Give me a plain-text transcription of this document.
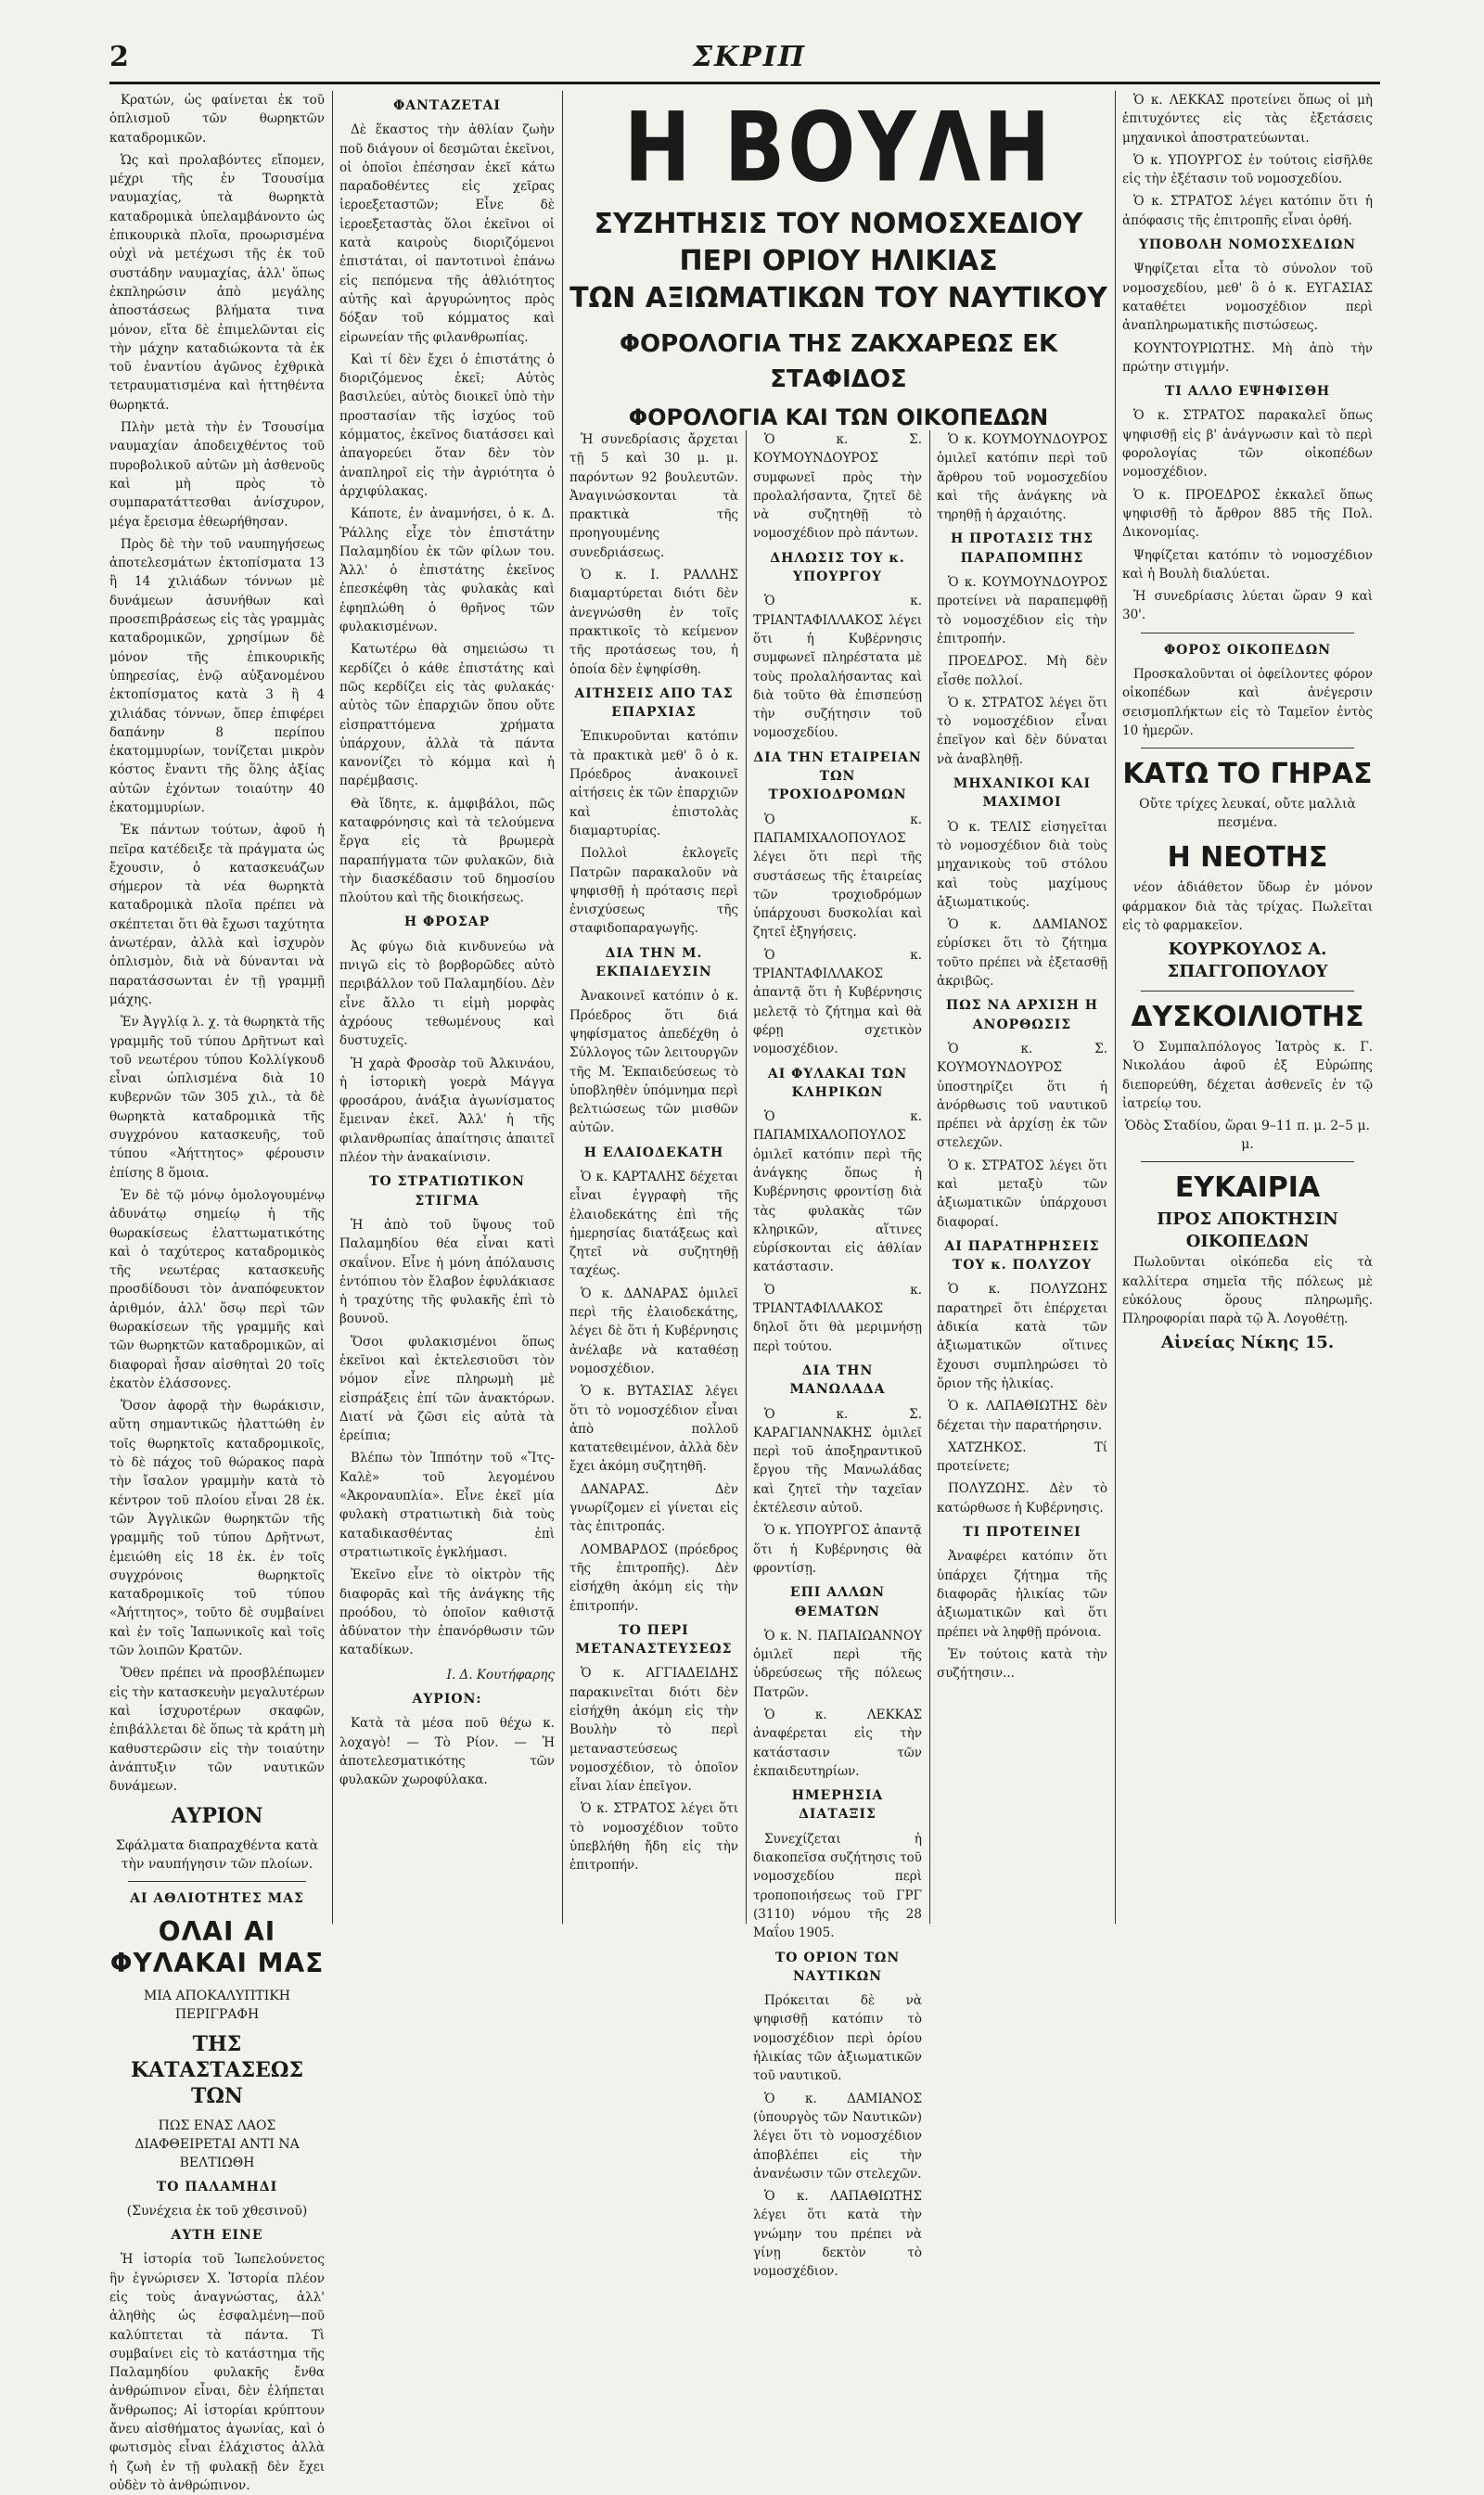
2	ΣΚΡΙΠ

Κρατών, ὡς φαίνεται ἐκ τοῦ ὁπλισμοῦ τῶν θωρηκτῶν καταδρομικῶν.

Ὡς καὶ προλαβόντες εἴπομεν, μέχρι τῆς ἐν Τσουσίμα ναυμαχίας, τὰ θωρηκτὰ καταδρομικὰ ὑπελαμβάνοντο ὡς ἐπικουρικὰ πλοῖα, προωρισμένα οὐχὶ νὰ μετέχωσι τῆς ἐκ τοῦ συστάδην ναυμαχίας, ἀλλ' ὅπως ἐκπληρώσιν ἀπὸ μεγάλης ἀποστάσεως βλήματα τινα μόνον, εἴτα δὲ ἐπιμελῶνται εἰς τὴν μάχην καταδιώκοντα τὰ ἐκ τοῦ ἐναντίου ἀγῶνος ἐχθρικὰ τετραυματισμένα καὶ ἡττηθέντα θωρηκτά.

Πλὴν μετὰ τὴν ἐν Τσουσίμα ναυμαχίαν ἀποδειχθέντος τοῦ πυροβολικοῦ αὐτῶν μὴ ἀσθενοῦς καὶ μὴ πρὸς τὸ συμπαρατάττεσθαι ἀνίσχυρον, μέγα ἔρεισμα ἐθεωρήθησαν.

Πρὸς δὲ τὴν τοῦ ναυπηγήσεως ἀποτελεσμάτων ἐκτοπίσματα 13 ἢ 14 χιλιάδων τόννων μὲ δυνάμεων ἀσυνήθων καὶ προσεπιβράσεως εἰς τὰς γραμμὰς καταδρομικῶν, χρησίμων δὲ μόνον τῆς ἐπικουρικῆς ὑπηρεσίας, ἐνῷ αὐξανομένου ἐκτοπίσματος κατὰ 3 ἢ 4 χιλιάδας τόννων, ὅπερ ἐπιφέρει δαπάνην 8 περίπου ἑκατομμυρίων, τονίζεται μικρὸν κόστος ἔναντι τῆς ὅλης ἀξίας αὐτῶν ἐχόντων τοιαύτην 40 ἑκατομμυρίων.

Ἐκ πάντων τούτων, ἀφοῦ ἡ πεῖρα κατέδειξε τὰ πράγματα ὡς ἔχουσιν, ὁ κατασκευάζων σήμερον τὰ νέα θωρηκτὰ καταδρομικὰ πλοῖα πρέπει νὰ σκέπτεται ὅτι θὰ ἔχωσι ταχύτητα ἀνωτέραν, ἀλλὰ καὶ ἰσχυρὸν ὁπλισμὸν, διὰ νὰ δύνανται νὰ παρατάσσωνται ἐν τῇ γραμμῇ μάχης.

Ἐν Ἀγγλίᾳ λ. χ. τὰ θωρηκτὰ τῆς γραμμῆς τοῦ τύπου Δρῆτνωτ καὶ τοῦ νεωτέρου τύπου Κολλίγκουδ εἶναι ὡπλισμένα διὰ 10 κυβερνῶν τῶν 305 χιλ., τὰ δὲ θωρηκτὰ καταδρομικὰ τῆς συγχρόνου κατασκευῆς, τοῦ τύπου «Ἀήττητος» φέρουσιν ἐπίσης 8 ὅμοια.

Ἐν δὲ τῷ μόνῳ ὁμολογουμένῳ ἀδυνάτῳ σημείῳ ἡ τῆς θωρακίσεως ἐλαττωματικότης καὶ ὁ ταχύτερος καταδρομικὸς τῆς νεωτέρας κατασκευῆς προσδίδουσι τὸν ἀναπόφευκτον ἀριθμόν, ἀλλ' ὅσῳ περὶ τῶν θωρακίσεων τῆς γραμμῆς καὶ τῶν θωρηκτῶν καταδρομικῶν, αἱ διαφοραὶ ἦσαν αἰσθηταὶ 20 τοῖς ἑκατὸν ἐλάσσονες.

Ὅσον ἀφορᾷ τὴν θωράκισιν, αὕτη σημαντικῶς ἠλαττώθη ἐν τοῖς θωρηκτοῖς καταδρομικοῖς, τὸ δὲ πάχος τοῦ θώρακος παρὰ τὴν ἴσαλον γραμμὴν κατὰ τὸ κέντρον τοῦ πλοίου εἶναι 28 ἑκ. τῶν Ἀγγλικῶν θωρηκτῶν τῆς γραμμῆς τοῦ τύπου Δρῆτνωτ, ἐμειώθη εἰς 18 ἑκ. ἐν τοῖς συγχρόνοις θωρηκτοῖς καταδρομικοῖς τοῦ τύπου «Ἀήττητος», τοῦτο δὲ συμβαίνει καὶ ἐν τοῖς Ἰαπωνικοῖς καὶ τοῖς τῶν λοιπῶν Κρατῶν.

Ὅθεν πρέπει νὰ προσβλέπωμεν εἰς τὴν κατασκευὴν μεγαλυτέρων καὶ ἰσχυροτέρων σκαφῶν, ἐπιβάλλεται δὲ ὅπως τὰ κράτη μὴ καθυστερῶσιν εἰς τὴν τοιαύτην ἀνάπτυξιν τῶν ναυτικῶν δυνάμεων.

ΑΥΡΙΟΝ
Σφάλματα διαπραχθέντα κατὰ τὴν ναυπήγησιν τῶν πλοίων.
ΑΙ ΑΘΛΙΟΤΗΤΕΣ ΜΑΣ
ΟΛΑΙ ΑΙ ΦΥΛΑΚΑΙ ΜΑΣ
ΜΙΑ ΑΠΟΚΑΛΥΠΤΙΚΗ ΠΕΡΙΓΡΑΦΗ
ΤΗΣ ΚΑΤΑΣΤΑΣΕΩΣ ΤΩΝ
ΠΩΣ ΕΝΑΣ ΛΑΟΣ ΔΙΑΦΘΕΙΡΕΤΑΙ ΑΝΤΙ ΝΑ ΒΕΛΤΙΩΘΗ
ΤΟ ΠΑΛΑΜΗΔΙ
(Συνέχεια ἐκ τοῦ χθεσινοῦ)
ΑΥΤΗ ΕΙΝΕ

Ἡ ἱστορία τοῦ Ἰωπελούνετος ἣν ἐγνώρισεν Χ. Ἰστορία πλέον εἰς τοὺς ἀναγνώστας, ἀλλ' ἀληθὴς ὡς ἐσφαλμένη—ποῦ καλύπτεται τὰ πάντα. Τὶ συμβαίνει εἰς τὸ κατάστημα τῆς Παλαμηδίου φυλακῆς ἔνθα ἀνθρώπινον εἶναι, δὲν ἐλήπεται ἄνθρωπος; Αἱ ἱστορίαι κρύπτουν ἄνευ αἰσθήματος ἀγωνίας, καὶ ὁ φωτισμὸς εἶναι ἐλάχιστος ἀλλὰ ἡ ζωὴ ἐν τῇ φυλακῇ δὲν ἔχει οὐδὲν τὸ ἀνθρώπινον.

ΦΑΝΤΑΖΕΤΑΙ

Δὲ ἕκαστος τὴν ἀθλίαν ζωὴν ποῦ διάγουν οἱ δεσμῶται ἐκεῖνοι, οἱ ὁποῖοι ἐπέσησαν ἐκεῖ κάτω παραδοθέντες εἰς χεῖρας ἱεροεξεταστῶν; Εἶνε δὲ ἱεροεξεταστὰς ὅλοι ἐκεῖνοι οἱ κατὰ καιροὺς διοριζόμενοι ἐπιστάται, οἱ παντοτινοὶ ἐπάνω εἰς πεπόμενα τῆς ἀθλιότητος αὐτῆς καὶ ἀργυρώνητος πρὸς δόξαν τοῦ κόμματος καὶ εἰρωνείαν τῆς φιλανθρωπίας.

Καὶ τί δὲν ἔχει ὁ ἐπιστάτης ὁ διοριζόμενος ἐκεῖ; Αὐτὸς βασιλεύει, αὐτὸς διοικεῖ ὑπὸ τὴν προστασίαν τῆς ἰσχύος τοῦ κόμματος, ἐκεῖνος διατάσσει καὶ ἀπαγορεύει ὅταν δὲν τὸν ἀναπληροῖ εἰς τὴν ἀγριότητα ὁ ἀρχιφύλακας.

Κάποτε, ἐν ἀναμνήσει, ὁ κ. Δ. Ῥάλλης εἶχε τὸν ἐπιστάτην Παλαμηδίου ἐκ τῶν φίλων του. Ἀλλ' ὁ ἐπιστάτης ἐκεῖνος ἐπεσκέφθη τὰς φυλακὰς καὶ ἐφηπλώθη ὁ θρῆνος τῶν φυλακισμένων.

Κατωτέρω θὰ σημειώσω τι κερδίζει ὁ κάθε ἐπιστάτης καὶ πῶς κερδίζει εἰς τὰς φυλακάς· αὐτὸς τῶν ἐπαρχιῶν ὅπου οὔτε εἰσπραττόμενα χρήματα ὑπάρχουν, ἀλλὰ τὰ πάντα κανονίζει τὸ κόμμα καὶ ἡ παρέμβασις.

Θὰ ἴδητε, κ. ἀμφιβάλοι, πῶς καταφρόνησις καὶ τὰ τελούμενα ἔργα εἰς τὰ βρωμερὰ παραπήγματα τῶν φυλακῶν, διὰ τὴν διασκέδασιν τοῦ δημοσίου πλούτου καὶ τῆς διοικήσεως.

Η ΦΡΟΣΑΡ

Ἀς φύγω διὰ κινδυνεύω νὰ πνιγῶ εἰς τὸ βορβορῶδες αὐτὸ περιβάλλον τοῦ Παλαμηδίου. Δὲν εἶνε ἄλλο τι εἰμὴ μορφὰς ἀχρόους τεθωμένους καὶ δυστυχεῖς.

Ἡ χαρὰ Φροσὰρ τοῦ Ἀλκινάου, ἡ ἱστορικὴ γοερὰ Μάγγα φροσάρου, ἀνάξια ἀγωνίσματος ἔμειναν ἐκεῖ. Ἀλλ' ἡ τῆς φιλανθρωπίας ἀπαίτησις ἀπαιτεῖ πλέον τὴν ἀνακαίνισιν.

ΤΟ ΣΤΡΑΤΙΩΤΙΚΟΝ ΣΤΙΓΜΑ

Ἡ ἀπὸ τοῦ ὕψους τοῦ Παλαμηδίου θέα εἶναι κατὶ σκαΐνον. Εἶνε ἡ μόνη ἀπόλαυσις ἐντόπιου τὸν ἔλαβον ἐφυλάκιασε ἡ τραχύτης τῆς φυλακῆς ἐπὶ τὸ βουνοῦ.

Ὅσοι φυλακισμένοι ὅπως ἐκεῖνοι καὶ ἐκτελεσιοῦσι τὸν νόμον εἶνε πληρωμὴ μὲ εἰσπράξεις ἐπί τῶν ἀνακτόρων. Διατί νὰ ζῶσι εἰς αὐτὰ τὰ ἐρείπια;

Βλέπω τὸν Ἰππότην τοῦ «Ἴτς-Καλὲ» τοῦ λεγομένου «Ἀκροναυπλία». Εἶνε ἐκεῖ μία φυλακὴ στρατιωτικὴ διὰ τοὺς καταδικασθέντας ἐπὶ στρατιωτικοῖς ἐγκλήμασι.

Ἐκεῖνο εἶνε τὸ οἰκτρὸν τῆς διαφορᾶς καὶ τῆς ἀνάγκης τῆς προόδου, τὸ ὁποῖον καθιστᾷ ἀδύνατον τὴν ἐπανόρθωσιν τῶν καταδίκων.

Ι. Δ. Κουτήφαρης
ΑΥΡΙΟΝ:

Κατὰ τὰ μέσα ποῦ θέχω κ. λοχαγὸ! — Τὸ Ρίον. — Ἡ ἀποτελεσματικότης τῶν φυλακῶν χωροφύλακα.

Η ΒΟΥΛΗ
ΣΥΖΗΤΗΣΙΣ ΤΟΥ ΝΟΜΟΣΧΕΔΙΟΥ ΠΕΡΙ ΟΡΙΟΥ ΗΛΙΚΙΑΣ
ΤΩΝ ΑΞΙΩΜΑΤΙΚΩΝ ΤΟΥ ΝΑΥΤΙΚΟΥ
ΦΟΡΟΛΟΓΙΑ ΤΗΣ ΖΑΚΧΑΡΕΩΣ ΕΚ ΣΤΑΦΙΔΟΣ
ΦΟΡΟΛΟΓΙΑ ΚΑΙ ΤΩΝ ΟΙΚΟΠΕΔΩΝ

Ἡ συνεδρίασις ἄρχεται τῇ 5 καὶ 30 μ. μ. παρόντων 92 βουλευτῶν. Ἀναγινώσκονται τὰ πρακτικὰ τῆς προηγουμένης συνεδριάσεως.

Ὁ κ. Ι. ΡΑΛΛΗΣ διαμαρτύρεται διότι δὲν ἀνεγνώσθη ἐν τοῖς πρακτικοῖς τὸ κείμενον τῆς προτάσεως του, ἡ ὁποία δὲν ἐψηφίσθη.

ΑΙΤΗΣΕΙΣ ΑΠΟ ΤΑΣ ΕΠΑΡΧΙΑΣ

Ἐπικυροῦνται κατόπιν τὰ πρακτικὰ μεθ' ὃ ὁ κ. Πρόεδρος ἀνακοινεῖ αἰτήσεις ἐκ τῶν ἐπαρχιῶν καὶ ἐπιστολὰς διαμαρτυρίας.

Πολλοὶ ἐκλογεῖς Πατρῶν παρακαλοῦν νὰ ψηφισθῇ ἡ πρότασις περὶ ἐνισχύσεως τῆς σταφιδοπαραγωγῆς.

ΔΙΑ ΤΗΝ Μ. ΕΚΠΑΙΔΕΥΣΙΝ

Ἀνακοινεῖ κατόπιν ὁ κ. Πρόεδρος ὅτι διά ψηφίσματος ἀπεδέχθη ὁ Σύλλογος τῶν λειτουργῶν τῆς Μ. Ἐκπαιδεύσεως τὸ ὑποβληθὲν ὑπόμνημα περὶ βελτιώσεως τῶν μισθῶν αὐτῶν.

Η ΕΛΑΙΟΔΕΚΑΤΗ

Ὁ κ. ΚΑΡΤΑΛΗΣ δέχεται εἶναι ἐγγραφὴ τῆς ἐλαιοδεκάτης ἐπὶ τῆς ἡμερησίας διατάξεως καὶ ζητεῖ νὰ συζητηθῇ ταχέως.

Ὁ κ. ΔΑΝΑΡΑΣ ὁμιλεῖ περὶ τῆς ἐλαιοδεκάτης, λέγει δὲ ὅτι ἡ Κυβέρνησις ἀνέλαβε νὰ καταθέσῃ νομοσχέδιον.

Ὁ κ. ΒΥΤΑΣΙΑΣ λέγει ὅτι τὸ νομοσχέδιον εἶναι ἀπὸ πολλοῦ κατατεθειμένον, ἀλλὰ δὲν ἔχει ἀκόμη συζητηθῆ.

ΔΑΝΑΡΑΣ. Δὲν γνωρίζομεν εἰ γίνεται εἰς τὰς ἐπιτροπάς.

ΛΟΜΒΑΡΔΟΣ (πρόεδρος τῆς ἐπιτροπῆς). Δὲν εἰσήχθη ἀκόμη εἰς τὴν ἐπιτροπήν.

ΤΟ ΠΕΡΙ ΜΕΤΑΝΑΣΤΕΥΣΕΩΣ

Ὁ κ. ΑΓΓΙΑΔΕΙΔΗΣ παρακινεῖται διότι δὲν εἰσήχθη ἀκόμη εἰς τὴν Βουλὴν τὸ περὶ μεταναστεύσεως νομοσχέδιον, τὸ ὁποῖον εἶναι λίαν ἐπεῖγον.

Ὁ κ. ΣΤΡΑΤΟΣ λέγει ὅτι τὸ νομοσχέδιον τοῦτο ὑπεβλήθη ἤδη εἰς τὴν ἐπιτροπήν.

Ὁ κ. Σ. ΚΟΥΜΟΥΝΔΟΥΡΟΣ συμφωνεῖ πρὸς τὴν προλαλήσαντα, ζητεῖ δὲ νὰ συζητηθῇ τὸ νομοσχέδιον πρὸ πάντων.

ΔΗΛΩΣΙΣ ΤΟΥ κ. ΥΠΟΥΡΓΟΥ

Ὁ κ. ΤΡΙΑΝΤΑΦΙΛΛΑΚΟΣ λέγει ὅτι ἡ Κυβέρνησις συμφωνεῖ πληρέστατα μὲ τοὺς προλαλήσαντας καὶ διὰ τοῦτο θὰ ἐπισπεύσῃ τὴν συζήτησιν τοῦ νομοσχεδίου.

ΔΙΑ ΤΗΝ ΕΤΑΙΡΕΙΑΝ ΤΩΝ ΤΡΟΧΙΟΔΡΟΜΩΝ

Ὁ κ. ΠΑΠΑΜΙΧΑΛΟΠΟΥΛΟΣ λέγει ὅτι περὶ τῆς συστάσεως τῆς ἑταιρείας τῶν τροχιοδρόμων ὑπάρχουσι δυσκολίαι καὶ ζητεῖ ἐξηγήσεις.

Ὁ κ. ΤΡΙΑΝΤΑΦΙΛΛΑΚΟΣ ἀπαντᾷ ὅτι ἡ Κυβέρνησις μελετᾷ τὸ ζήτημα καὶ θὰ φέρῃ σχετικὸν νομοσχέδιον.

ΑΙ ΦΥΛΑΚΑΙ ΤΩΝ ΚΛΗΡΙΚΩΝ

Ὁ κ. ΠΑΠΑΜΙΧΑΛΟΠΟΥΛΟΣ ὁμιλεῖ κατόπιν περὶ τῆς ἀνάγκης ὅπως ἡ Κυβέρνησις φροντίσῃ διὰ τὰς φυλακὰς τῶν κληρικῶν, αἵτινες εὑρίσκονται εἰς ἀθλίαν κατάστασιν.

Ὁ κ. ΤΡΙΑΝΤΑΦΙΛΛΑΚΟΣ δηλοῖ ὅτι θὰ μεριμνήσῃ περὶ τούτου.

ΔΙΑ ΤΗΝ ΜΑΝΩΛΑΔΑ

Ὁ κ. Σ. ΚΑΡΑΓΙΑΝΝΑΚΗΣ ὁμιλεῖ περὶ τοῦ ἀποξηραντικοῦ ἔργου τῆς Μανωλάδας καὶ ζητεῖ τὴν ταχεῖαν ἐκτέλεσιν αὐτοῦ.

Ὁ κ. ΥΠΟΥΡΓΟΣ ἀπαντᾷ ὅτι ἡ Κυβέρνησις θὰ φροντίσῃ.

ΕΠΙ ΑΛΛΩΝ ΘΕΜΑΤΩΝ

Ὁ κ. Ν. ΠΑΠΑΙΩΑΝΝΟΥ ὁμιλεῖ περὶ τῆς ὑδρεύσεως τῆς πόλεως Πατρῶν.

Ὁ κ. ΛΕΚΚΑΣ ἀναφέρεται εἰς τὴν κατάστασιν τῶν ἐκπαιδευτηρίων.

ΗΜΕΡΗΣΙΑ ΔΙΑΤΑΞΙΣ

Συνεχίζεται ἡ διακοπεῖσα συζήτησις τοῦ νομοσχεδίου περὶ τροποποιήσεως τοῦ ΓΡΓ (3110) νόμου τῆς 28 Μαΐου 1905.

ΤΟ ΟΡΙΟΝ ΤΩΝ ΝΑΥΤΙΚΩΝ

Πρόκειται δὲ νὰ ψηφισθῇ κατόπιν τὸ νομοσχέδιον περὶ ὁρίου ἡλικίας τῶν ἀξιωματικῶν τοῦ ναυτικοῦ.

Ὁ κ. ΔΑΜΙΑΝΟΣ (ὑπουργὸς τῶν Ναυτικῶν) λέγει ὅτι τὸ νομοσχέδιον ἀποβλέπει εἰς τὴν ἀνανέωσιν τῶν στελεχῶν.

Ὁ κ. ΛΑΠΑΘΙΩΤΗΣ λέγει ὅτι κατὰ τὴν γνώμην του πρέπει νὰ γίνῃ δεκτὸν τὸ νομοσχέδιον.

Ὁ κ. ΚΟΥΜΟΥΝΔΟΥΡΟΣ ὁμιλεῖ κατόπιν περὶ τοῦ ἄρθρου τοῦ νομοσχεδίου καὶ τῆς ἀνάγκης νὰ τηρηθῇ ἡ ἀρχαιότης.

Η ΠΡΟΤΑΣΙΣ ΤΗΣ ΠΑΡΑΠΟΜΠΗΣ

Ὁ κ. ΚΟΥΜΟΥΝΔΟΥΡΟΣ προτείνει νὰ παραπεμφθῇ τὸ νομοσχέδιον εἰς τὴν ἐπιτροπήν.

ΠΡΟΕΔΡΟΣ. Μὴ δὲν εἶσθε πολλοί.

Ὁ κ. ΣΤΡΑΤΟΣ λέγει ὅτι τὸ νομοσχέδιον εἶναι ἐπεῖγον καὶ δὲν δύναται νὰ ἀναβληθῇ.

ΜΗΧΑΝΙΚΟΙ ΚΑΙ ΜΑΧΙΜΟΙ

Ὁ κ. ΤΕΛΙΣ εἰσηγεῖται τὸ νομοσχέδιον διὰ τοὺς μηχανικοὺς τοῦ στόλου καὶ τοὺς μαχίμους ἀξιωματικούς.

Ὁ κ. ΔΑΜΙΑΝΟΣ εὑρίσκει ὅτι τὸ ζήτημα τοῦτο πρέπει νὰ ἐξετασθῇ ἀκριβῶς.

ΠΩΣ ΝΑ ΑΡΧΙΣΗ Η ΑΝΟΡΘΩΣΙΣ

Ὁ κ. Σ. ΚΟΥΜΟΥΝΔΟΥΡΟΣ ὑποστηρίζει ὅτι ἡ ἀνόρθωσις τοῦ ναυτικοῦ πρέπει νὰ ἀρχίσῃ ἐκ τῶν στελεχῶν.

Ὁ κ. ΣΤΡΑΤΟΣ λέγει ὅτι καὶ μεταξὺ τῶν ἀξιωματικῶν ὑπάρχουσι διαφοραί.

ΑΙ ΠΑΡΑΤΗΡΗΣΕΙΣ ΤΟΥ κ. ΠΟΛΥΖΟΥ

Ὁ κ. ΠΟΛΥΖΩΗΣ παρατηρεῖ ὅτι ἐπέρχεται ἀδικία κατὰ τῶν ἀξιωματικῶν οἵτινες ἔχουσι συμπληρώσει τὸ ὅριον τῆς ἡλικίας.

Ὁ κ. ΛΑΠΑΘΙΩΤΗΣ δὲν δέχεται τὴν παρατήρησιν.

ΧΑΤΖΗΚΟΣ. Τί προτείνετε;

ΠΟΛΥΖΩΗΣ. Δὲν τὸ κατώρθωσε ἡ Κυβέρνησις.

ΤΙ ΠΡΟΤΕΙΝΕΙ

Ἀναφέρει κατόπιν ὅτι ὑπάρχει ζήτημα τῆς διαφορᾶς ἡλικίας τῶν ἀξιωματικῶν καὶ ὅτι πρέπει νὰ ληφθῇ πρόνοια.

Ἐν τούτοις κατὰ τὴν συζήτησιν...

Ὁ κ. ΛΕΚΚΑΣ προτείνει ὅπως οἱ μὴ ἐπιτυχόντες εἰς τὰς ἐξετάσεις μηχανικοὶ ἀποστρατεύωνται.

Ὁ κ. ΥΠΟΥΡΓΟΣ ἐν τούτοις εἰσῆλθε εἰς τὴν ἐξέτασιν τοῦ νομοσχεδίου.

Ὁ κ. ΣΤΡΑΤΟΣ λέγει κατόπιν ὅτι ἡ ἀπόφασις τῆς ἐπιτροπῆς εἶναι ὀρθή.

ΥΠΟΒΟΛΗ ΝΟΜΟΣΧΕΔΙΩΝ

Ψηφίζεται εἶτα τὸ σύνολον τοῦ νομοσχεδίου, μεθ' ὃ ὁ κ. ΕΥΓΑΣΙΑΣ καταθέτει νομοσχέδιον περὶ ἀναπληρωματικῆς πιστώσεως.

ΚΟΥΝΤΟΥΡΙΩΤΗΣ. Μὴ ἀπὸ τὴν πρώτην στιγμήν.

ΤΙ ΑΛΛΟ ΕΨΗΦΙΣΘΗ

Ὁ κ. ΣΤΡΑΤΟΣ παρακαλεῖ ὅπως ψηφισθῇ εἰς β' ἀνάγνωσιν καὶ τὸ περὶ φορολογίας τῶν οἰκοπέδων νομοσχέδιον.

Ὁ κ. ΠΡΟΕΔΡΟΣ ἐκκαλεῖ ὅπως ψηφισθῇ τὸ ἄρθρον 885 τῆς Πολ. Δικονομίας.

Ψηφίζεται κατόπιν τὸ νομοσχέδιον καὶ ἡ Βουλὴ διαλύεται.

Ἡ συνεδρίασις λύεται ὥραν 9 καὶ 30'.

ΦΟΡΟΣ ΟΙΚΟΠΕΔΩΝ

Προσκαλοῦνται οἱ ὀφείλοντες φόρον οἰκοπέδων καὶ ἀνέγερσιν σεισμοπλήκτων εἰς τὸ Ταμεῖον ἐντὸς 10 ἡμερῶν.

ΚΑΤΩ ΤΟ ΓΗΡΑΣ
Οὔτε τρίχες λευκαί, οὔτε μαλλιὰ πεσμένα.
Η ΝΕΟΤΗΣ

νέον ἀδιάθετον ὕδωρ ἐν μόνον φάρμακον διὰ τὰς τρίχας. Πωλεῖται εἰς τὸ φαρμακεῖον.

ΚΟΥΡΚΟΥΛΟΣ Α. ΣΠΑΓΓΟΠΟΥΛΟΥ
ΔΥΣΚΟΙΛΙΟΤΗΣ

Ὁ Συμπαλπόλογος Ἰατρὸς κ. Γ. Νικολάου ἀφοῦ ἐξ Εὐρώπης διεπορεύθη, δέχεται ἀσθενεῖς ἐν τῷ ἰατρείῳ του.

Ὁδὸς Σταδίου, ὥραι 9–11 π. μ. 2–5 μ. μ.
ΕΥΚΑΙΡΙΑ
ΠΡΟΣ ΑΠΟΚΤΗΣΙΝ ΟΙΚΟΠΕΔΩΝ

Πωλοῦνται οἰκόπεδα εἰς τὰ καλλίτερα σημεῖα τῆς πόλεως μὲ εὐκόλους ὅρους πληρωμῆς. Πληροφορίαι παρὰ τῷ Ἀ. Λογοθέτῃ.

Αἰνείας Νίκης 15.
